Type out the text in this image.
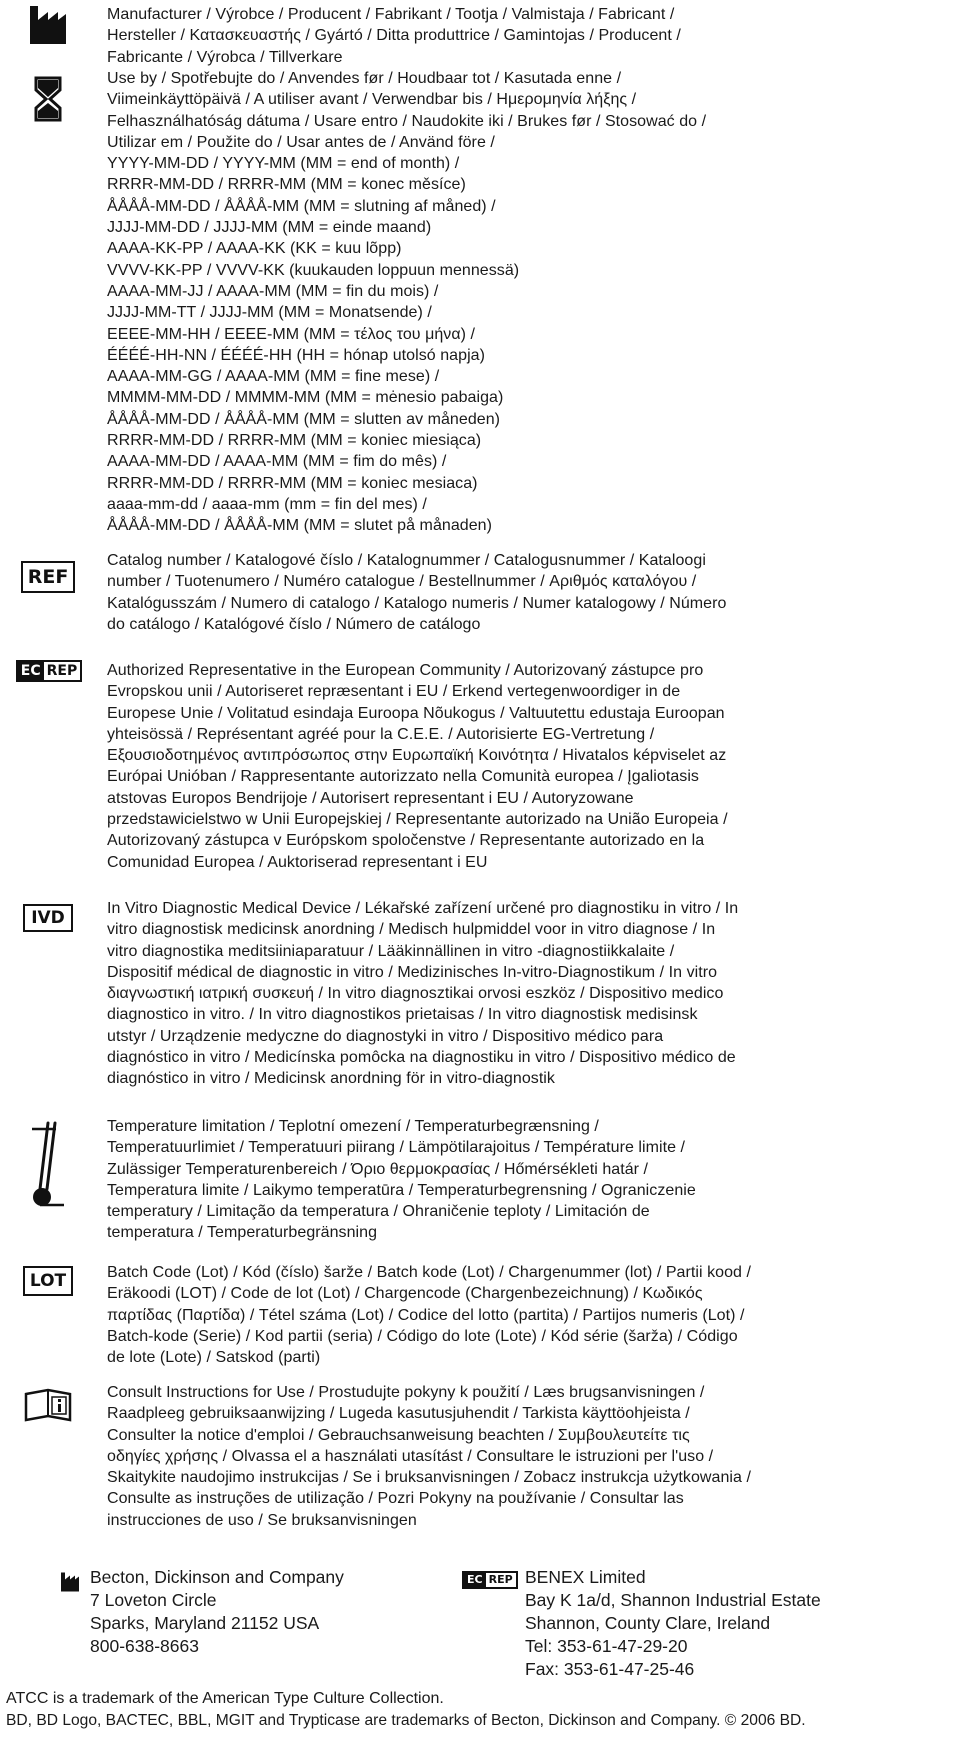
Manufacturer / Výrobce / Producent / Fabrikant / Tootja / Valmistaja / Fabricant /
Hersteller / Κατασκευαστής / Gyártó / Ditta produttrice / Gamintojas / Producent /
Fabricante / Výrobca / Tillverkare
Use by / Spotřebujte do / Anvendes før / Houdbaar tot / Kasutada enne /
Viimeinkäyttöpäivä / A utiliser avant / Verwendbar bis / Ημερομηνία λήξης /
Felhasználhatóság dátuma / Usare entro / Naudokite iki / Brukes før / Stosować do /
Utilizar em / Použite do / Usar antes de / Använd före /
YYYY-MM-DD / YYYY-MM (MM = end of month) /
RRRR-MM-DD / RRRR-MM (MM = konec měsíce)
ÅÅÅÅ-MM-DD / ÅÅÅÅ-MM (MM = slutning af måned) /
JJJJ-MM-DD / JJJJ-MM (MM = einde maand)
AAAA-KK-PP / AAAA-KK (KK = kuu lõpp)
VVVV-KK-PP / VVVV-KK (kuukauden loppuun mennessä)
AAAA-MM-JJ / AAAA-MM (MM = fin du mois) /
JJJJ-MM-TT / JJJJ-MM (MM = Monatsende) /
EEEE-MM-HH / EEEE-MM (MM = τέλος του μήνα) /
ÉÉÉÉ-HH-NN / ÉÉÉÉ-HH (HH = hónap utolsó napja)
AAAA-MM-GG / AAAA-MM (MM = fine mese) /
MMMM-MM-DD / MMMM-MM (MM = mėnesio pabaiga)
ÅÅÅÅ-MM-DD / ÅÅÅÅ-MM (MM = slutten av måneden)
RRRR-MM-DD / RRRR-MM (MM = koniec miesiąca)
AAAA-MM-DD / AAAA-MM (MM = fim do mês) /
RRRR-MM-DD / RRRR-MM (MM = koniec mesiaca)
aaaa-mm-dd / aaaa-mm (mm = fin del mes) /
ÅÅÅÅ-MM-DD / ÅÅÅÅ-MM (MM = slutet på månaden)
REF
Catalog number / Katalogové číslo / Katalognummer / Catalogusnummer / Kataloogi
number / Tuotenumero / Numéro catalogue / Bestellnummer / Αριθμός καταλόγου /
Katalógusszám / Numero di catalogo / Katalogo numeris / Numer katalogowy / Número
do catálogo / Katalógové číslo / Número de catálogo
EC REP Authorized Representative in the European Community / Autorizovaný zástupce pro
Evropskou unii / Autoriseret repræsentant i EU / Erkend vertegenwoordiger in de
Europese Unie / Volitatud esindaja Euroopa Nõukogus / Valtuutettu edustaja Euroopan
yhteisössä / Représentant agréé pour la C.E.E. / Autorisierte EG-Vertretung /
Εξουσιοδοτημένος αντιπρόσωπος στην Ευρωπαϊκή Κοινότητα / Hivatalos képviselet az
Európai Unióban / Rappresentante autorizzato nella Comunità europea / Įgaliotasis
atstovas Europos Bendrijoje / Autorisert representant i EU / Autoryzowane
przedstawicielstwo w Unii Europejskiej / Representante autorizado na União Europeia /
Autorizovaný zástupca v Európskom spoločenstve / Representante autorizado en la
Comunidad Europea / Auktoriserad representant i EU
IVD	In Vitro Diagnostic Medical Device / Lékařské zařízení určené pro diagnostiku in vitro / In
vitro diagnostisk medicinsk anordning / Medisch hulpmiddel voor in vitro diagnose / In
vitro diagnostika meditsiiniaparatuur / Lääkinnällinen in vitro -diagnostiikkalaite /
Dispositif médical de diagnostic in vitro / Medizinisches In-vitro-Diagnostikum / In vitro
διαγνωστική ιατρική συσκευή / In vitro diagnosztikai orvosi eszköz / Dispositivo medico
diagnostico in vitro. / In vitro diagnostikos prietaisas / In vitro diagnostisk medisinsk
utstyr / Urządzenie medyczne do diagnostyki in vitro / Dispositivo médico para
diagnóstico in vitro / Medicínska pomôcka na diagnostiku in vitro / Dispositivo médico de
diagnóstico in vitro / Medicinsk anordning för in vitro-diagnostik
Temperature limitation / Teplotní omezení / Temperaturbegrænsning /
Temperatuurlimiet / Temperatuuri piirang / Lämpötilarajoitus / Température limite /
Zulässiger Temperaturenbereich / Όριο θερμοκρασίας / Hőmérsékleti határ /
Temperatura limite / Laikymo temperatūra / Temperaturbegrensning / Ograniczenie
temperatury / Limitação da temperatura / Ohraničenie teploty / Limitación de
temperatura / Temperaturbegränsning
LOT	Batch Code (Lot) / Kód (číslo) šarže / Batch kode (Lot) / Chargenummer (lot) / Partii kood /
Eräkoodi (LOT) / Code de lot (Lot) / Chargencode (Chargenbezeichnung) / Κωδικός
παρτίδας (Παρτίδα) / Tétel száma (Lot) / Codice del lotto (partita) / Partijos numeris (Lot) /
Batch-kode (Serie) / Kod partii (seria) / Código do lote (Lote) / Kód série (šarža) / Código
de lote (Lote) / Satskod (parti)
Consult Instructions for Use / Prostudujte pokyny k použití / Læs brugsanvisningen /
Raadpleeg gebruiksaanwijzing / Lugeda kasutusjuhendit / Tarkista käyttöohjeista /
Consulter la notice d'emploi / Gebrauchsanweisung beachten / Συμβουλευτείτε τις
οδηγίες χρήσης / Olvassa el a használati utasítást / Consultare le istruzioni per l'uso /
Skaitykite naudojimo instrukcijas / Se i bruksanvisningen / Zobacz instrukcja użytkowania /
Consulte as instruções de utilização / Pozri Pokyny na používanie / Consultar las
instrucciones de uso / Se bruksanvisningen
Becton, Dickinson and Company
7 Loveton Circle
Sparks, Maryland 21152 USA
800-638-8663
EC REP BENEX Limited
Bay K 1a/d, Shannon Industrial Estate
Shannon, County Clare, Ireland
Tel: 353-61-47-29-20
Fax: 353-61-47-25-46
ATCC is a trademark of the American Type Culture Collection.
BD, BD Logo, BACTEC, BBL, MGIT and Trypticase are trademarks of Becton, Dickinson and Company. © 2006 BD.
